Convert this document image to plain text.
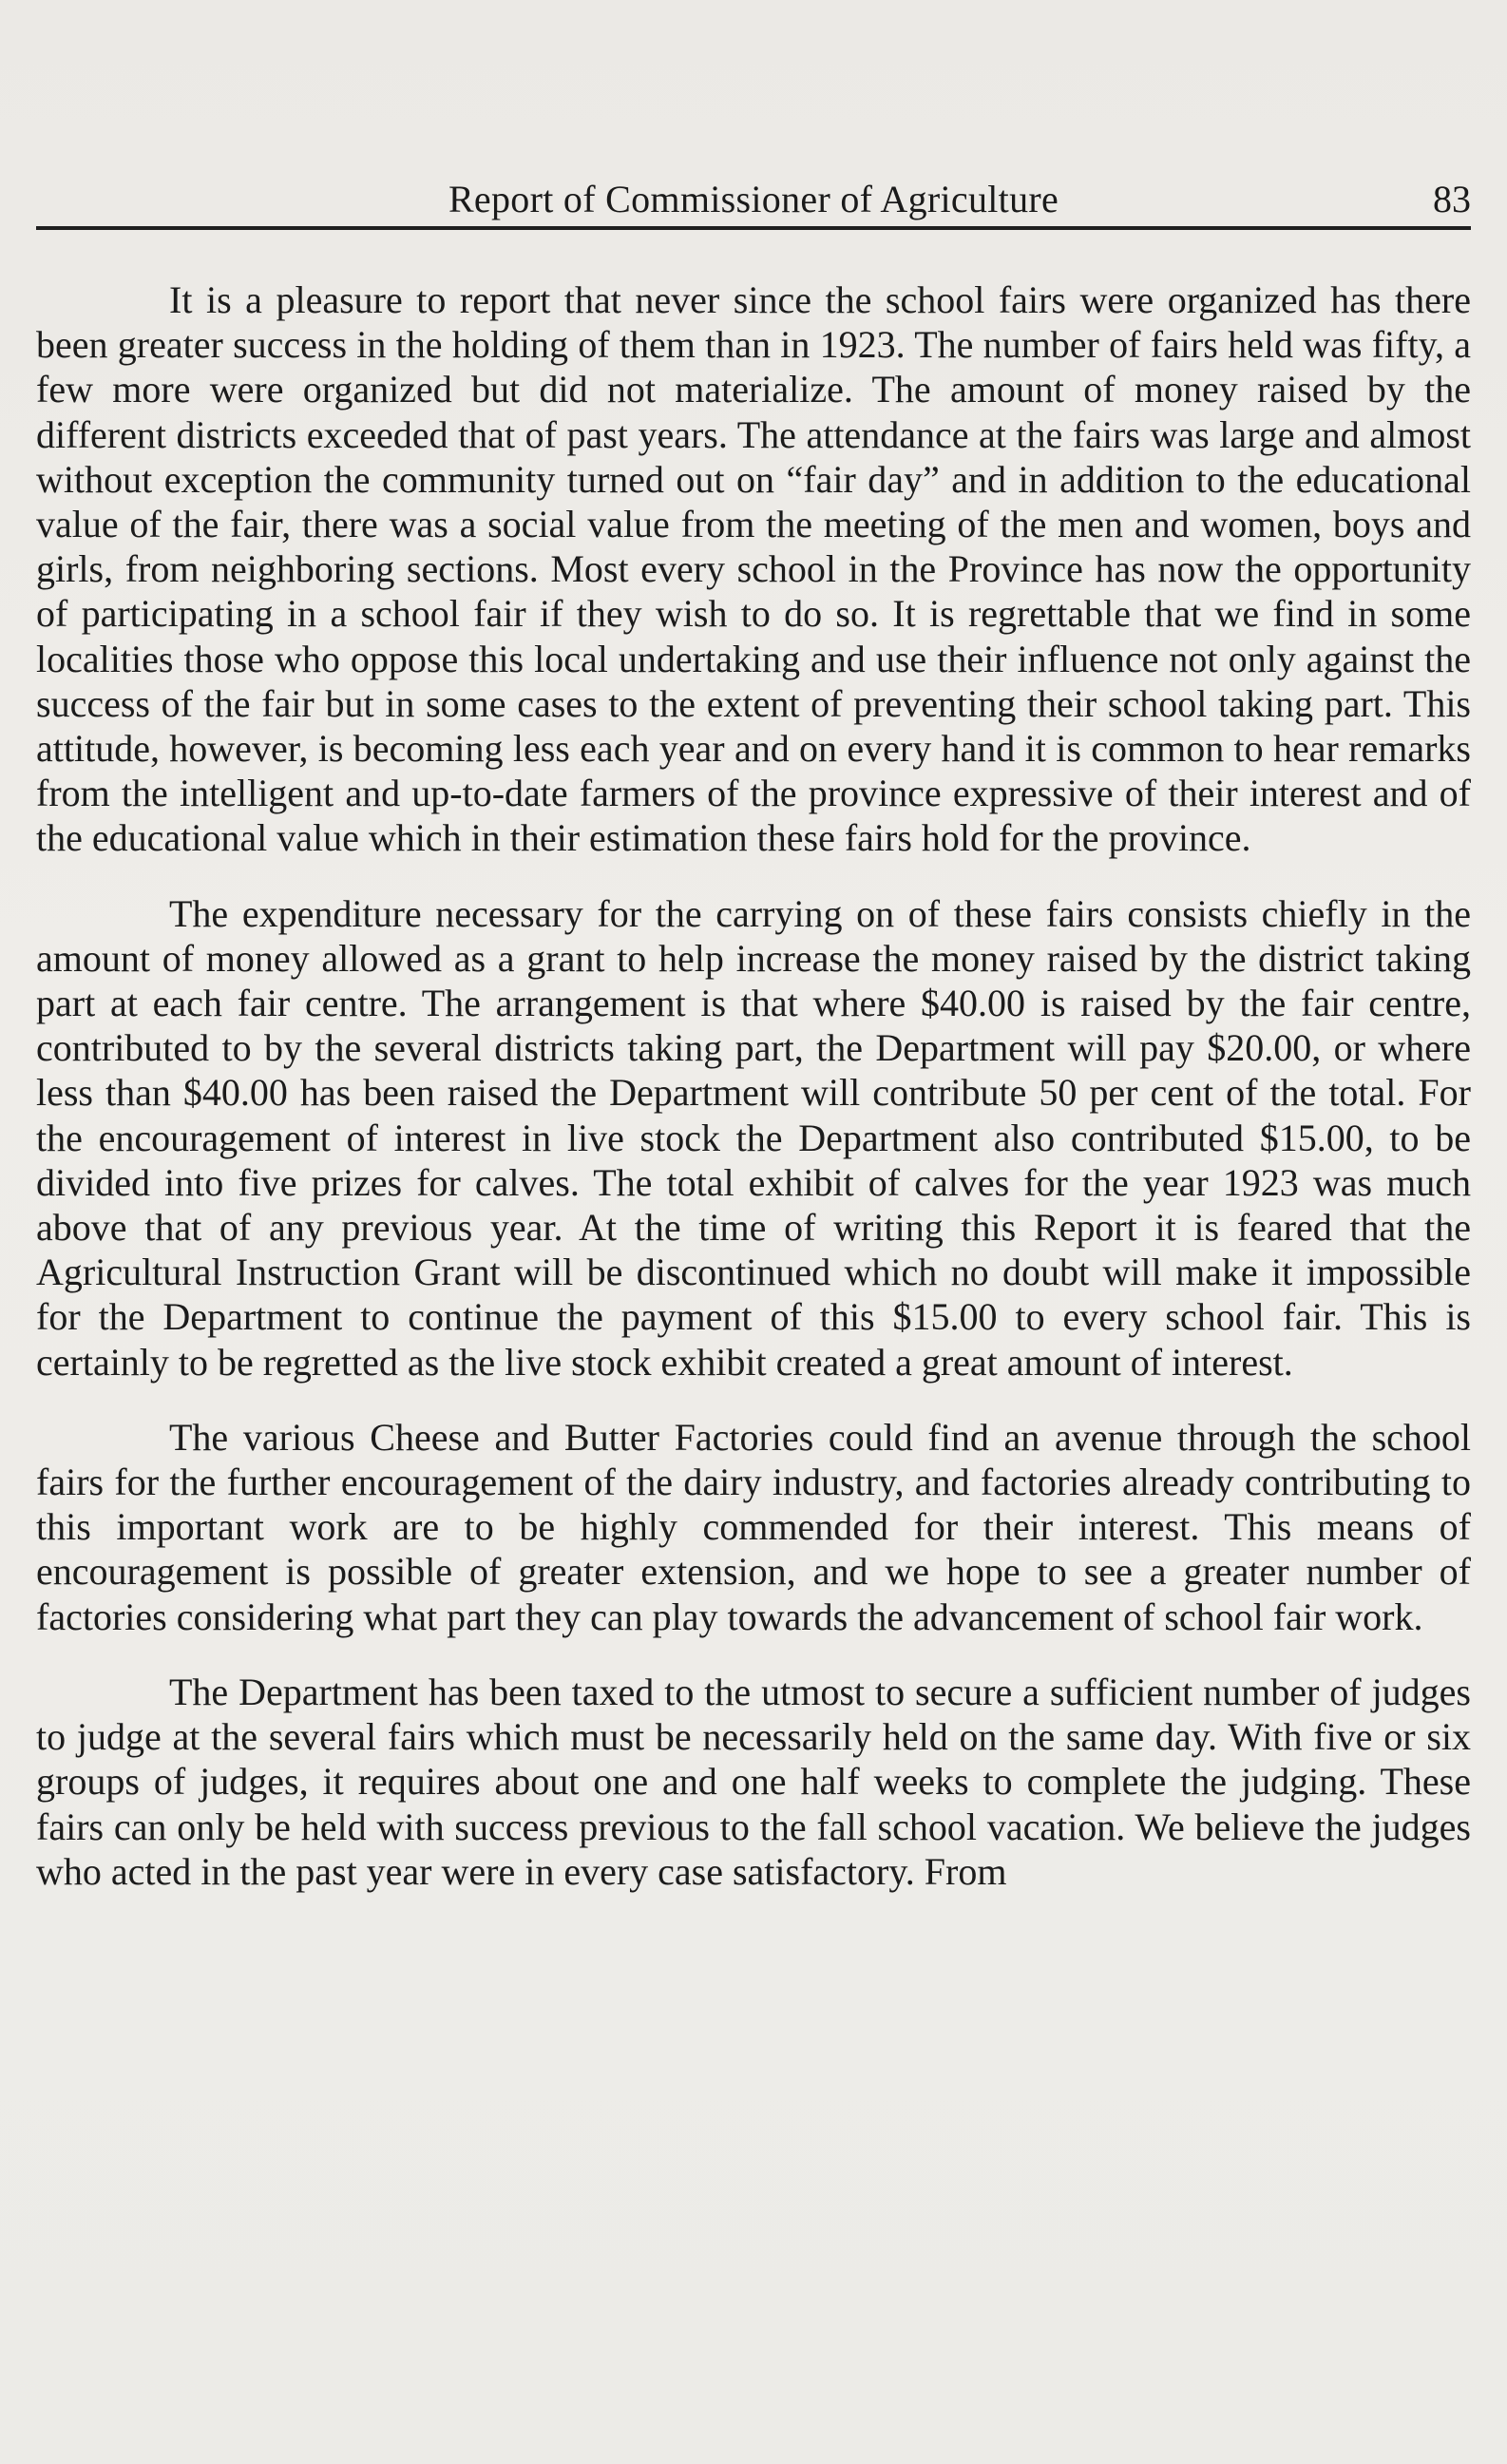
Report of Commissioner of Agriculture	83

It is a pleasure to report that never since the school fairs were organized has there been greater success in the holding of them than in 1923. The number of fairs held was fifty, a few more were organized but did not materialize. The amount of money raised by the different districts exceeded that of past years. The attendance at the fairs was large and almost without exception the community turned out on “fair day” and in addition to the educational value of the fair, there was a social value from the meeting of the men and women, boys and girls, from neighboring sections. Most every school in the Province has now the opportunity of participating in a school fair if they wish to do so. It is regrettable that we find in some localities those who oppose this local undertaking and use their influence not only against the success of the fair but in some cases to the extent of preventing their school taking part. This attitude, however, is becoming less each year and on every hand it is common to hear remarks from the intelligent and up-to-date farmers of the province expressive of their interest and of the educational value which in their estimation these fairs hold for the province.

The expenditure necessary for the carrying on of these fairs consists chiefly in the amount of money allowed as a grant to help increase the money raised by the district taking part at each fair centre. The arrangement is that where $40.00 is raised by the fair centre, contributed to by the several districts taking part, the Department will pay $20.00, or where less than $40.00 has been raised the Department will contribute 50 per cent of the total. For the encouragement of interest in live stock the Department also contributed $15.00, to be divided into five prizes for calves. The total exhibit of calves for the year 1923 was much above that of any previous year. At the time of writing this Report it is feared that the Agricultural Instruction Grant will be discontinued which no doubt will make it impossible for the Department to continue the payment of this $15.00 to every school fair. This is certainly to be regretted as the live stock exhibit created a great amount of interest.

The various Cheese and Butter Factories could find an avenue through the school fairs for the further encouragement of the dairy industry, and factories already contributing to this important work are to be highly commended for their interest. This means of encouragement is possible of greater extension, and we hope to see a greater number of factories considering what part they can play towards the advancement of school fair work.

The Department has been taxed to the utmost to secure a sufficient number of judges to judge at the several fairs which must be necessarily held on the same day. With five or six groups of judges, it requires about one and one half weeks to complete the judging. These fairs can only be held with success previous to the fall school vacation. We believe the judges who acted in the past year were in every case satisfactory. From
